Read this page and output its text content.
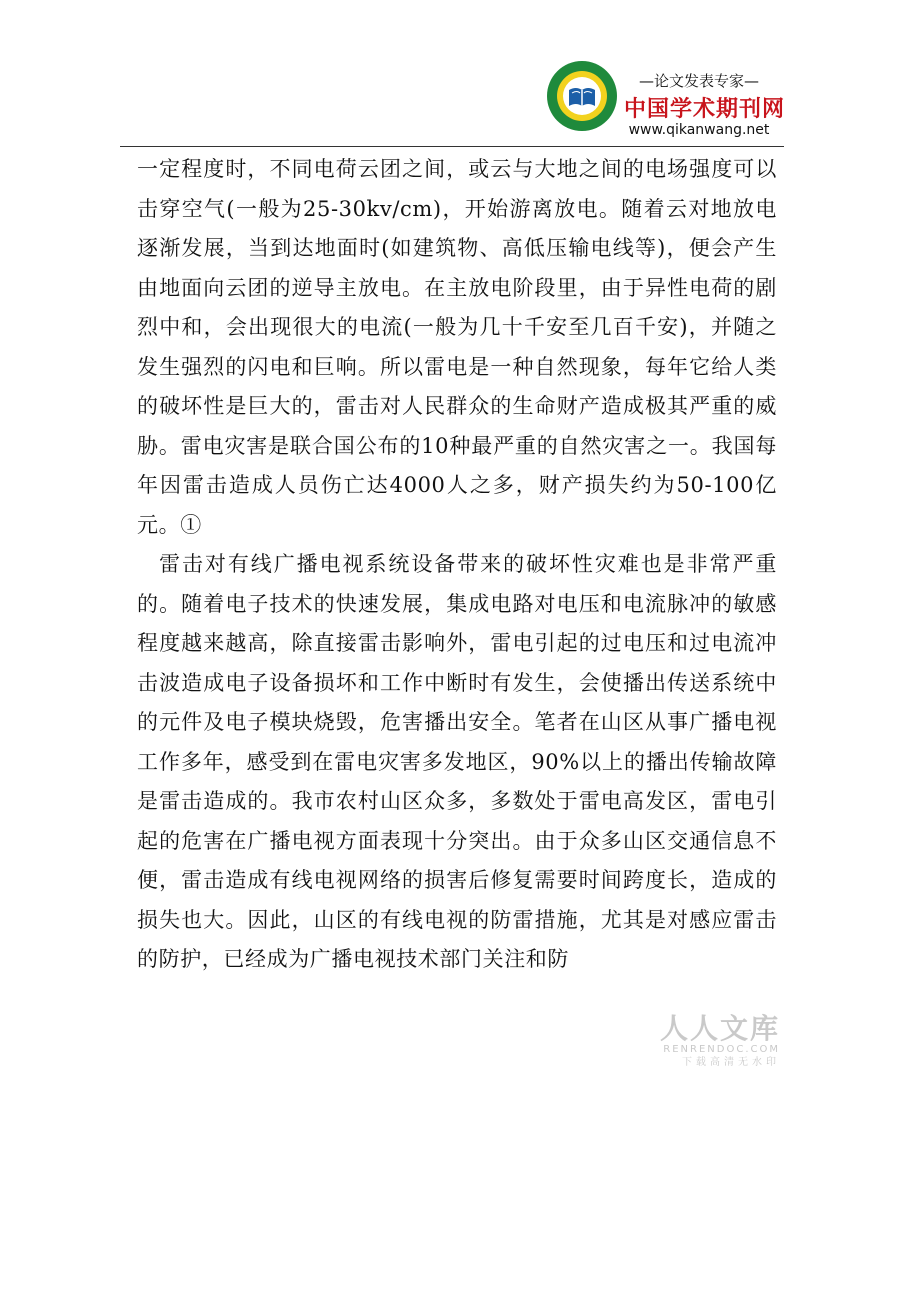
—论文发表专家—
中国学术期刊网
www.qikanwang.net

一定程度时，不同电荷云团之间，或云与大地之间的电场强度可以击穿空气(一般为25-30kv/cm)，开始游离放电。随着云对地放电逐渐发展，当到达地面时(如建筑物、高低压输电线等)，便会产生由地面向云团的逆导主放电。在主放电阶段里，由于异性电荷的剧烈中和，会出现很大的电流(一般为几十千安至几百千安)，并随之发生强烈的闪电和巨响。所以雷电是一种自然现象，每年它给人类的破坏性是巨大的，雷击对人民群众的生命财产造成极其严重的威胁。雷电灾害是联合国公布的10种最严重的自然灾害之一。我国每年因雷击造成人员伤亡达4000人之多，财产损失约为50-100亿元。①

雷击对有线广播电视系统设备带来的破坏性灾难也是非常严重的。随着电子技术的快速发展，集成电路对电压和电流脉冲的敏感程度越来越高，除直接雷击影响外，雷电引起的过电压和过电流冲击波造成电子设备损坏和工作中断时有发生，会使播出传送系统中的元件及电子模块烧毁，危害播出安全。笔者在山区从事广播电视工作多年，感受到在雷电灾害多发地区，90%以上的播出传输故障是雷击造成的。我市农村山区众多，多数处于雷电高发区，雷电引起的危害在广播电视方面表现十分突出。由于众多山区交通信息不便，雷击造成有线电视网络的损害后修复需要时间跨度长，造成的损失也大。因此，山区的有线电视的防雷措施，尤其是对感应雷击的防护，已经成为广播电视技术部门关注和防

人人文库
RENRENDOC.COM
下载高清无水印
